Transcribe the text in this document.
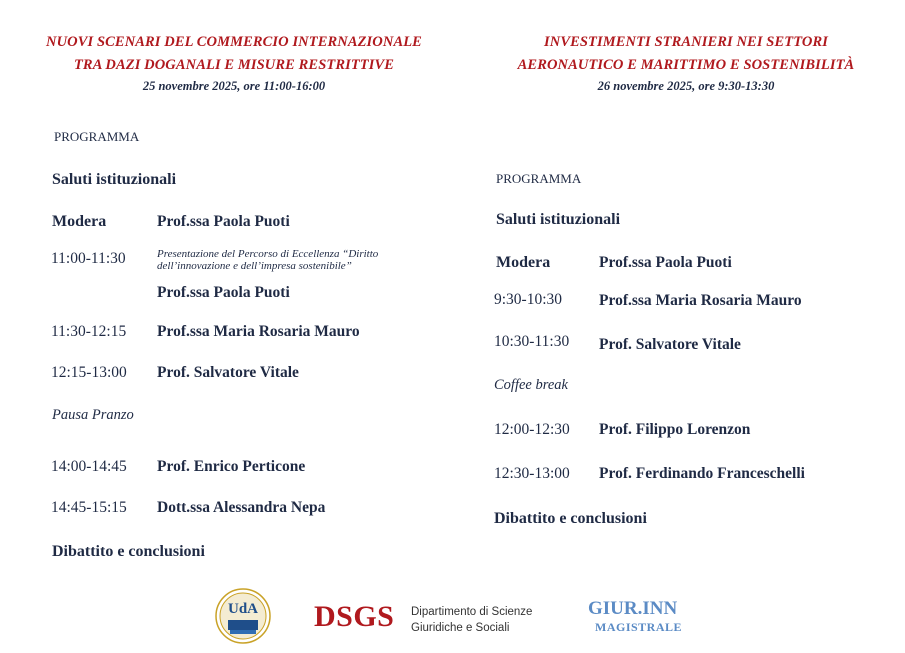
NUOVI SCENARI DEL COMMERCIO INTERNAZIONALE
TRA DAZI DOGANALI E MISURE RESTRITTIVE
25 novembre 2025, ore 11:00-16:00
PROGRAMMA
Saluti istituzionali
Modera	Prof.ssa Paola Puoti
11:00-11:30	Presentazione del Percorso di Eccellenza “Diritto dell’innovazione e dell’impresa sostenibile”
Prof.ssa Paola Puoti
11:30-12:15 Prof.ssa Maria Rosaria Mauro
12:15-13:00 Prof. Salvatore Vitale
Pausa Pranzo
14:00-14:45 Prof. Enrico Perticone
14:45-15:15 Dott.ssa Alessandra Nepa
Dibattito e conclusioni
INVESTIMENTI STRANIERI NEI SETTORI
AERONAUTICO E MARITTIMO E SOSTENIBILITÀ
26 novembre 2025, ore 9:30-13:30
PROGRAMMA
Saluti istituzionali
Modera	Prof.ssa Paola Puoti
9:30-10:30 Prof.ssa Maria Rosaria Mauro
10:30-11:30 Prof. Salvatore Vitale
Coffee break
12:00-12:30 Prof. Filippo Lorenzon
12:30-13:00 Prof. Ferdinando Franceschelli
Dibattito e conclusioni
UdA	DSGS Dipartimento di Scienze
Giuridiche e Sociali
GIUR.INN
MAGISTRALE
